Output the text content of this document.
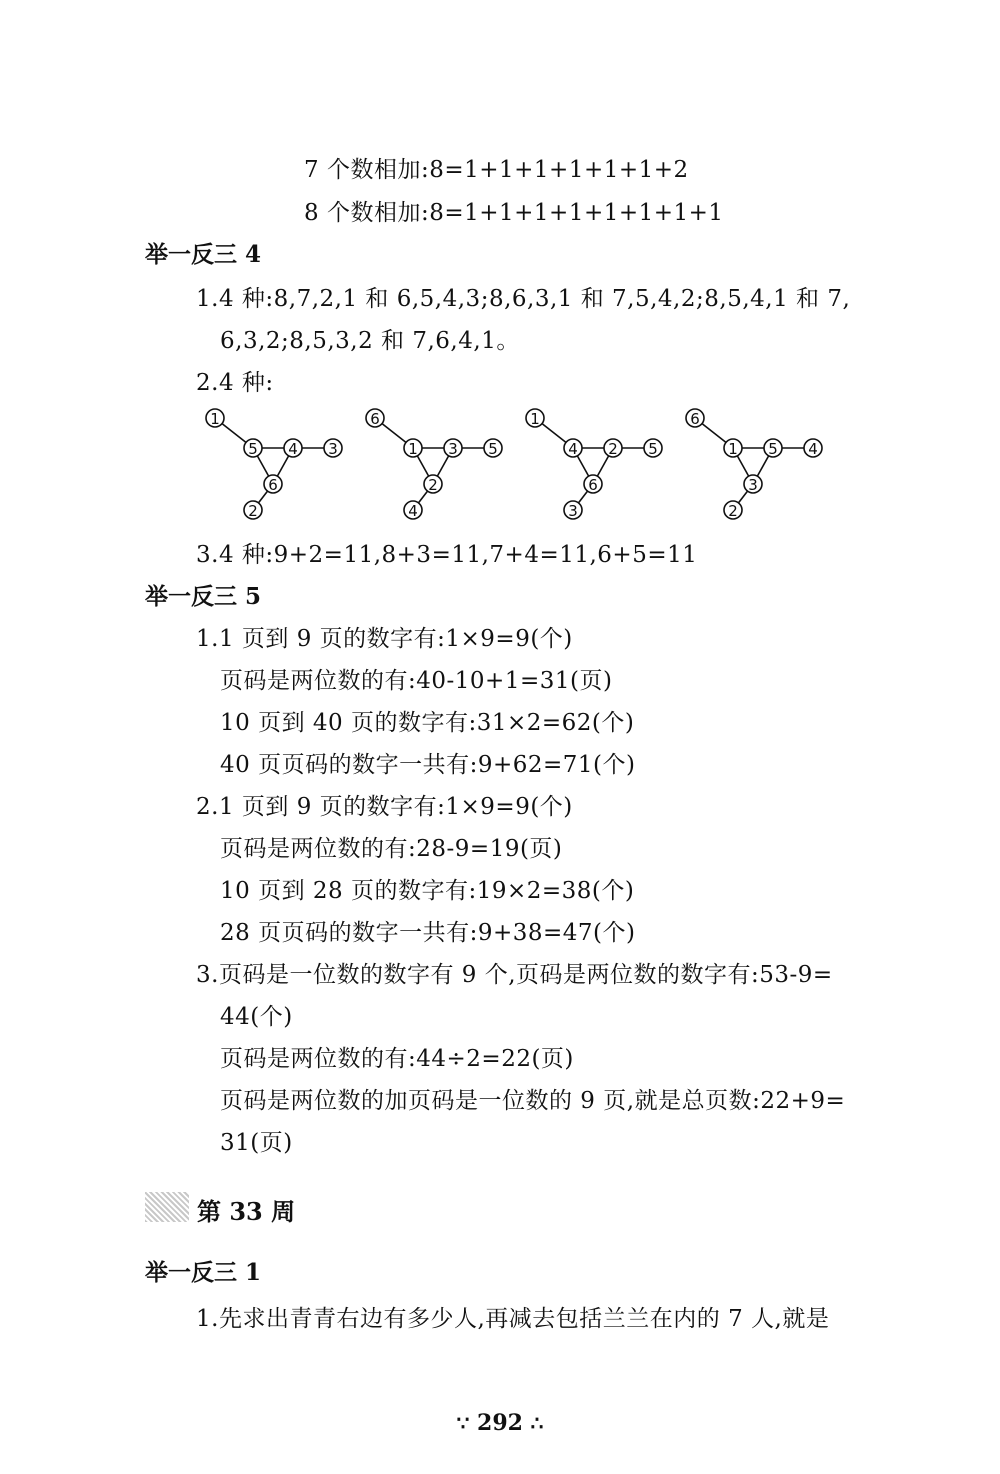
7 个数相加:8=1+1+1+1+1+1+2
8 个数相加:8=1+1+1+1+1+1+1+1
举一反三 4
1.4 种:8,7,2,1 和 6,5,4,3;8,6,3,1 和 7,5,4,2;8,5,4,1 和 7,
6,3,2;8,5,3,2 和 7,6,4,1。
2.4 种:
1
5 4 3
6
2
6
1 3 5
2
4
1
4 2 5
6
3
6
1 5 4
3
2
3.4 种:9+2=11,8+3=11,7+4=11,6+5=11
举一反三 5
1.1 页到 9 页的数字有:1×9=9(个)
页码是两位数的有:40-10+1=31(页)
10 页到 40 页的数字有:31×2=62(个)
40 页页码的数字一共有:9+62=71(个)
2.1 页到 9 页的数字有:1×9=9(个)
页码是两位数的有:28-9=19(页)
10 页到 28 页的数字有:19×2=38(个)
28 页页码的数字一共有:9+38=47(个)
3.页码是一位数的数字有 9 个,页码是两位数的数字有:53-9=
44(个)
页码是两位数的有:44÷2=22(页)
页码是两位数的加页码是一位数的 9 页,就是总页数:22+9=
31(页)
第 33 周
举一反三 1
1.先求出青青右边有多少人,再减去包括兰兰在内的 7 人,就是
∵ 292 ∴
